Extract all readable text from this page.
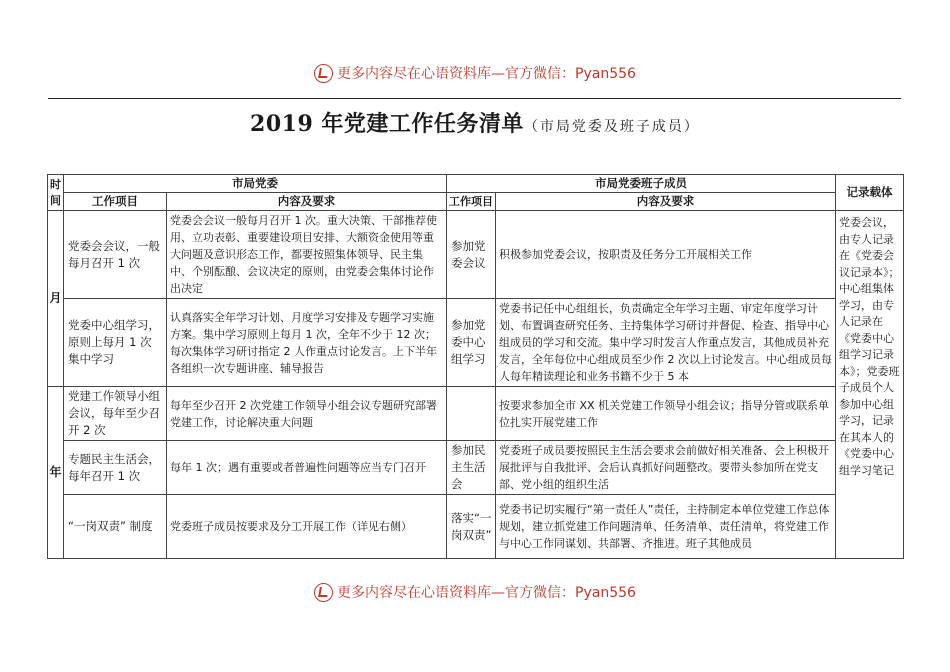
更多内容尽在心语资料库—官方微信：Pyan556
2019 年党建工作任务清单（市局党委及班子成员）
时间	市局党委		市局党委班子成员		记录载体
	工作项目	内容及要求	工作项目	内容及要求	
月	党委会会议，一般每月召开 1 次	党委会会议一般每月召开 1 次。重大决策、干部推荐使用、立功表彰、重要建设项目安排、大额资金使用等重大问题及意识形态工作，都要按照集体领导、民主集中、个别酝酿、会议决定的原则，由党委会集体讨论作出决定	参加党委会议	积极参加党委会议，按职责及任务分工开展相关工作	党委会议，由专人记录在《党委会议记录本》；中心组集体学习，由专人记录在《党委中心组学习记录本》；党委班子成员个人参加中心组学习，记录在其本人的《党委中心组学习笔记
	党委中心组学习，原则上每月 1 次集中学习	认真落实全年学习计划、月度学习安排及专题学习实施方案。集中学习原则上每月 1 次，全年不少于 12 次；每次集体学习研讨指定 2 人作重点讨论发言。上下半年各组织一次专题讲座、辅导报告	参加党委中心组学习	党委书记任中心组组长，负责确定全年学习主题、审定年度学习计划、布置调查研究任务、主持集体学习研讨并督促、检查、指导中心组成员的学习和交流。集中学习时发言人作重点发言，其他成员补充发言，全年每位中心组成员至少作 2 次以上讨论发言。中心组成员每人每年精读理论和业务书籍不少于 5 本	
年	党建工作领导小组会议，每年至少召开 2 次	每年至少召开 2 次党建工作领导小组会议专题研究部署党建工作，讨论解决重大问题		按要求参加全市 XX 机关党建工作领导小组会议；指导分管或联系单位扎实开展党建工作	
	专题民主生活会，每年召开 1 次	每年 1 次；遇有重要或者普遍性问题等应当专门召开	参加民主生活会	党委班子成员要按照民主生活会要求会前做好相关准备、会上积极开展批评与自我批评、会后认真抓好问题整改。要带头参加所在党支部、党小组的组织生活	
	“一岗双责” 制度	党委班子成员按要求及分工开展工作（详见右侧）	落实“一岗双责”	党委书记切实履行“第一责任人”责任，主持制定本单位党建工作总体规划，建立抓党建工作问题清单、任务清单、责任清单，将党建工作与中心工作同谋划、共部署、齐推进。班子其他成员	
更多内容尽在心语资料库—官方微信：Pyan556
